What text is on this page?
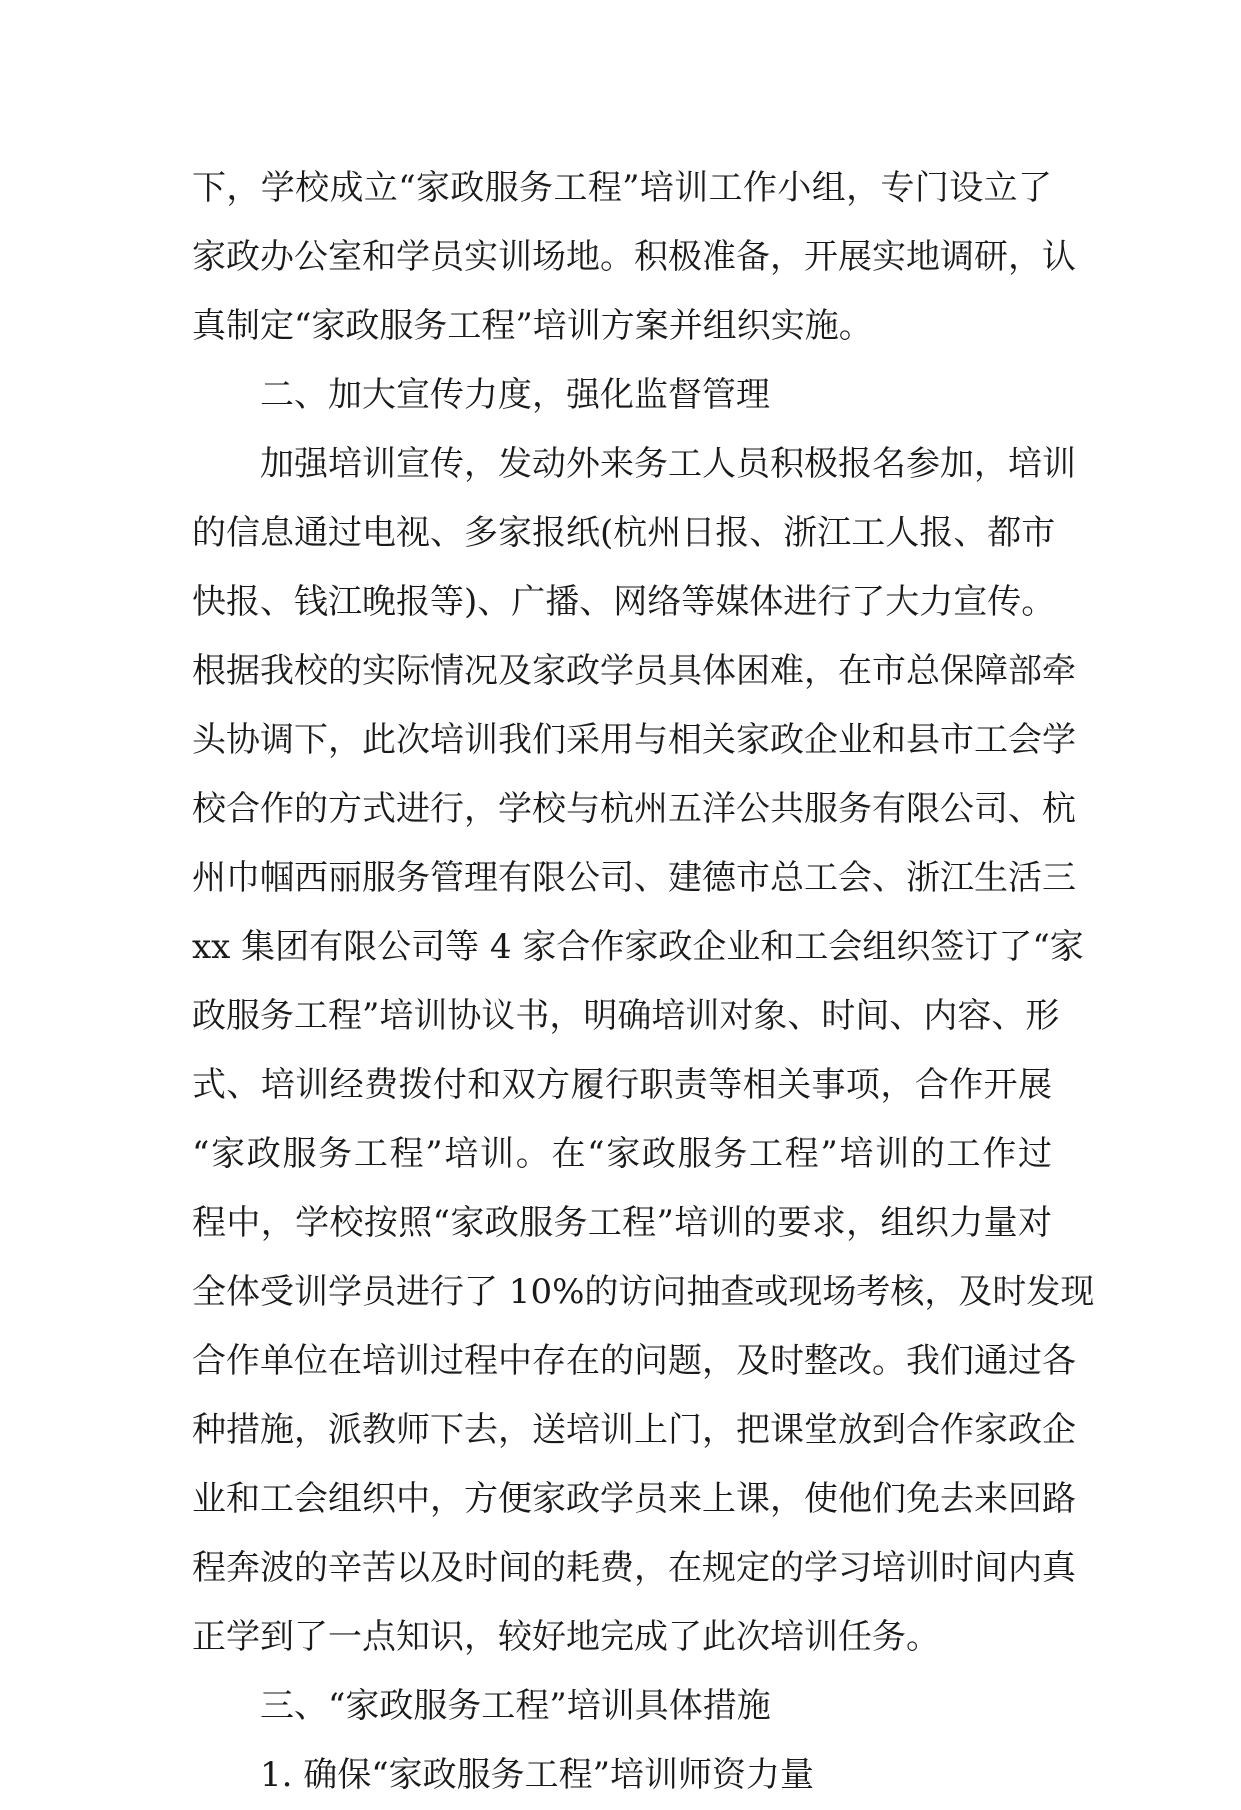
下，学校成立“家政服务工程”培训工作小组，专门设立了
家政办公室和学员实训场地。积极准备，开展实地调研，认
真制定“家政服务工程”培训方案并组织实施。
二、加大宣传力度，强化监督管理
加强培训宣传，发动外来务工人员积极报名参加，培训
的信息通过电视、多家报纸(杭州日报、浙江工人报、都市
快报、钱江晚报等)、广播、网络等媒体进行了大力宣传。
根据我校的实际情况及家政学员具体困难，在市总保障部牵
头协调下，此次培训我们采用与相关家政企业和县市工会学
校合作的方式进行，学校与杭州五洋公共服务有限公司、杭
州巾帼西丽服务管理有限公司、建德市总工会、浙江生活三
xx 集团有限公司等 4 家合作家政企业和工会组织签订了“家
政服务工程”培训协议书，明确培训对象、时间、内容、形
式、培训经费拨付和双方履行职责等相关事项，合作开展
“家政服务工程”培训。在“家政服务工程”培训的工作过
程中，学校按照“家政服务工程”培训的要求，组织力量对
全体受训学员进行了 10%的访问抽查或现场考核，及时发现
合作单位在培训过程中存在的问题，及时整改。我们通过各
种措施，派教师下去，送培训上门，把课堂放到合作家政企
业和工会组织中，方便家政学员来上课，使他们免去来回路
程奔波的辛苦以及时间的耗费，在规定的学习培训时间内真
正学到了一点知识，较好地完成了此次培训任务。
三、“家政服务工程”培训具体措施
1. 确保“家政服务工程”培训师资力量
